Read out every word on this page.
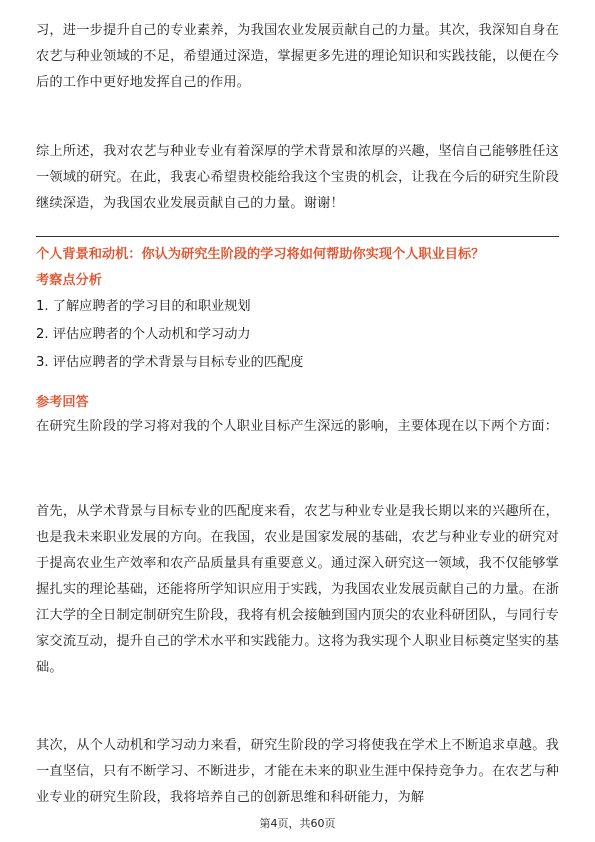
习，进一步提升自己的专业素养，为我国农业发展贡献自己的力量。其次，我深知自身在农艺与种业领域的不足，希望通过深造，掌握更多先进的理论知识和实践技能，以便在今后的工作中更好地发挥自己的作用。

综上所述，我对农艺与种业专业有着深厚的学术背景和浓厚的兴趣，坚信自己能够胜任这一领域的研究。在此，我衷心希望贵校能给我这个宝贵的机会，让我在今后的研究生阶段继续深造，为我国农业发展贡献自己的力量。谢谢！

个人背景和动机：你认为研究生阶段的学习将如何帮助你实现个人职业目标？
考察点分析
1. 了解应聘者的学习目的和职业规划
2. 评估应聘者的个人动机和学习动力
3. 评估应聘者的学术背景与目标专业的匹配度
参考回答

在研究生阶段的学习将对我的个人职业目标产生深远的影响，主要体现在以下两个方面：

首先，从学术背景与目标专业的匹配度来看，农艺与种业专业是我长期以来的兴趣所在，也是我未来职业发展的方向。在我国，农业是国家发展的基础，农艺与种业专业的研究对于提高农业生产效率和农产品质量具有重要意义。通过深入研究这一领域，我不仅能够掌握扎实的理论基础，还能将所学知识应用于实践，为我国农业发展贡献自己的力量。在浙江大学的全日制定制研究生阶段，我将有机会接触到国内顶尖的农业科研团队，与同行专家交流互动，提升自己的学术水平和实践能力。这将为我实现个人职业目标奠定坚实的基础。

其次，从个人动机和学习动力来看，研究生阶段的学习将使我在学术上不断追求卓越。我一直坚信，只有不断学习、不断进步，才能在未来的职业生涯中保持竞争力。在农艺与种业专业的研究生阶段，我将培养自己的创新思维和科研能力，为解

第4页，共60页
